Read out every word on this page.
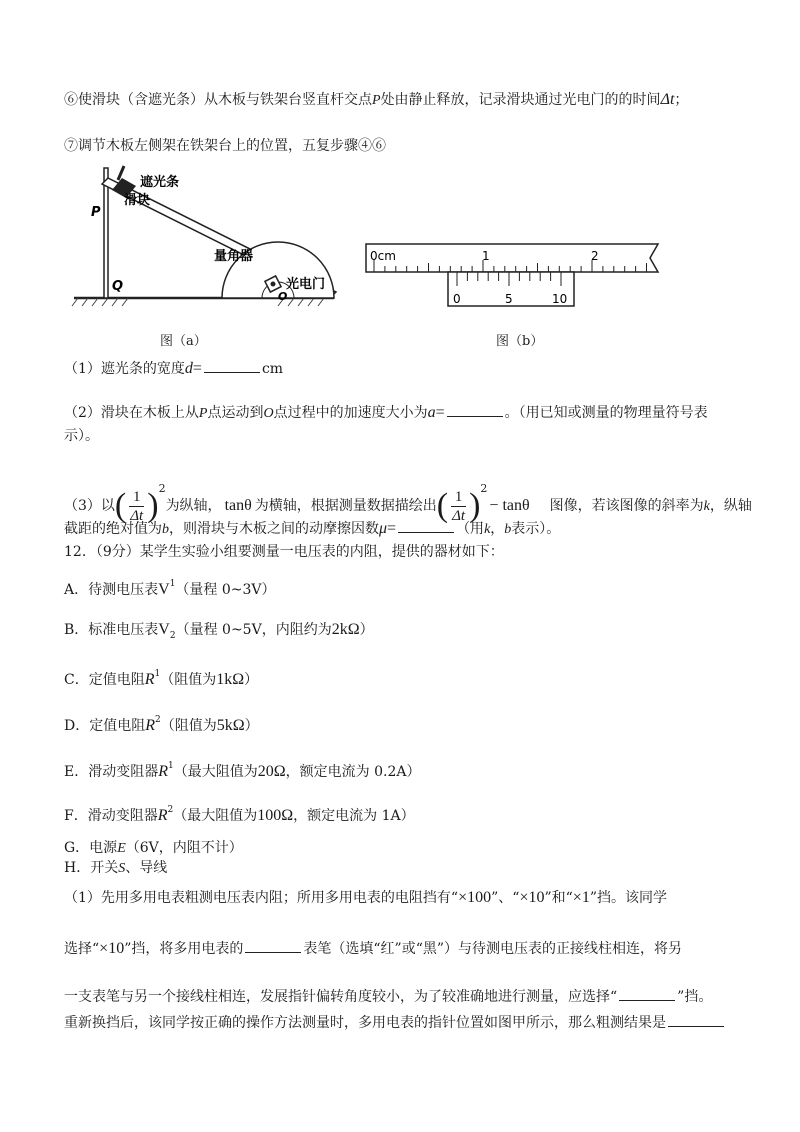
⑥使滑块（含遮光条）从木板与铁架台竖直杆交点P处由静止释放，记录滑块通过光电门的的时间Δt；
⑦调节木板左侧架在铁架台上的位置，五复步骤④⑥
遮光条
滑块
P
Q
量角器
光电门
O
图（a）
0cm	1	2
0	5	10
图（b）
（1）遮光条的宽度d=	cm
（2）滑块在木板上从P点运动到O点过程中的加速度大小为a=	。（用已知或测量的物理量符号表
示）。
（3）以( $\frac{1}{\Delta t} )^2$为纵轴， tanθ 为横轴，根据测量数据描绘出( $\frac{1}{\Delta t} )^2- \tan\theta$ 图像，若该图像的斜率为k，纵轴
截距的绝对值为b，则滑块与木板之间的动摩擦因数μ=	（用k，b表示）。
12．（9分）某学生实验小组要测量一电压表的内阻，提供的器材如下：
A．待测电压表$V_1$（量程 0~3V）
B．标准电压表$V_2$（量程 0~5V，内阻约为2kΩ）
C．定值电阻$R_1$（阻值为1kΩ）
D．定值电阻$R_2$（阻值为5kΩ）
E．滑动变阻器$R_1$（最大阻值为20Ω，额定电流为 0.2A）
F．滑动变阻器$R_2$（最大阻值为100Ω，额定电流为 1A）
G．电源E（6V，内阻不计）
H．开关S、导线
（1）先用多用电表粗测电压表内阻；所用多用电表的电阻挡有“×100”、“×10”和“×1”挡。该同学
选择“×10”挡，将多用电表的	表笔（选填“红”或“黑”）与待测电压表的正接线柱相连，将另
一支表笔与另一个接线柱相连，发展指针偏转角度较小，为了较准确地进行测量，应选择“	”挡。
重新换挡后，该同学按正确的操作方法测量时，多用电表的指针位置如图甲所示，那么粗测结果是
